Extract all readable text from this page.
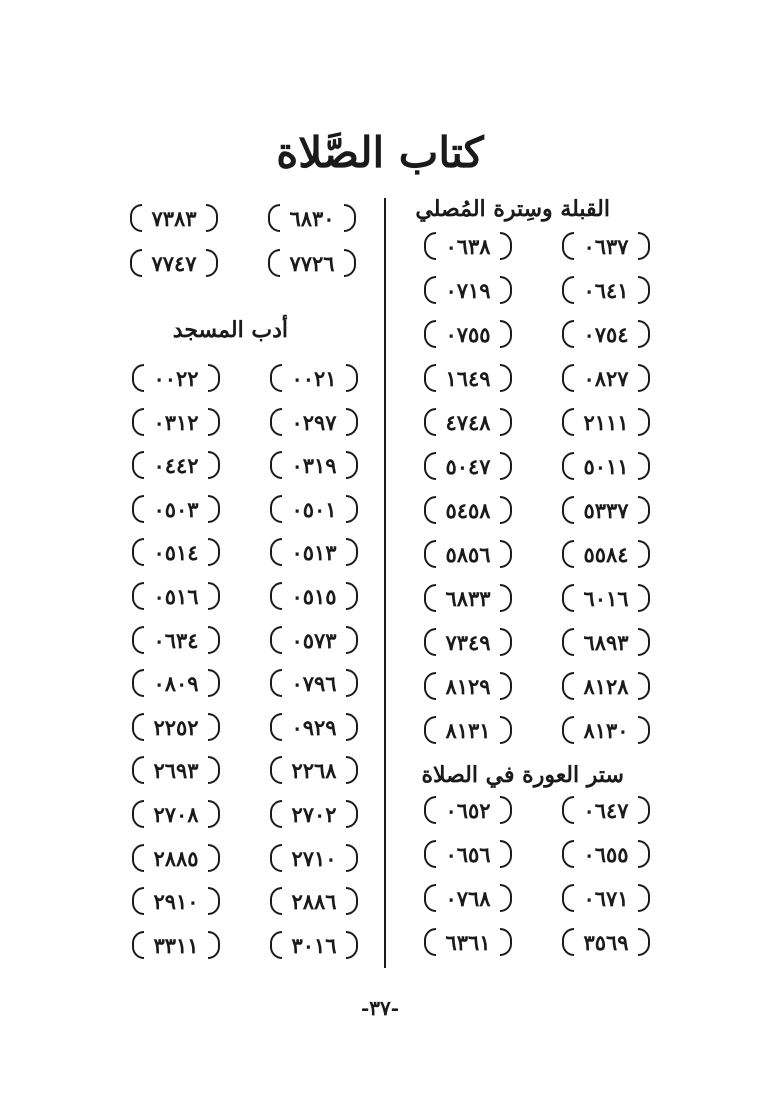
كتاب الصَّلاة
القبلة وسِترة المُصلي
٠٦٣٧
٠٦٣٨
٠٦٤١
٠٧١٩
٠٧٥٤
٠٧٥٥
٠٨٢٧
١٦٤٩
٢١١١
٤٧٤٨
٥٠١١
٥٠٤٧
٥٣٣٧
٥٤٥٨
٥٥٨٤
٥٨٥٦
٦٠١٦
٦٨٣٣
٦٨٩٣
٧٣٤٩
٨١٢٨
٨١٢٩
٨١٣٠
٨١٣١
ستر العورة في الصلاة
٠٦٤٧
٠٦٥٢
٠٦٥٥
٠٦٥٦
٠٦٧١
٠٧٦٨
٣٥٦٩
٦٣٦١
٦٨٣٠
٧٣٨٣
٧٧٢٦
٧٧٤٧
أدب المسجد
٠٠٢١
٠٠٢٢
٠٢٩٧
٠٣١٢
٠٣١٩
٠٤٤٢
٠٥٠١
٠٥٠٣
٠٥١٣
٠٥١٤
٠٥١٥
٠٥١٦
٠٥٧٣
٠٦٣٤
٠٧٩٦
٠٨٠٩
٠٩٢٩
٢٢٥٢
٢٢٦٨
٢٦٩٣
٢٧٠٢
٢٧٠٨
٢٧١٠
٢٨٨٥
٢٨٨٦
٢٩١٠
٣٠١٦
٣٣١١
-٣٧-
